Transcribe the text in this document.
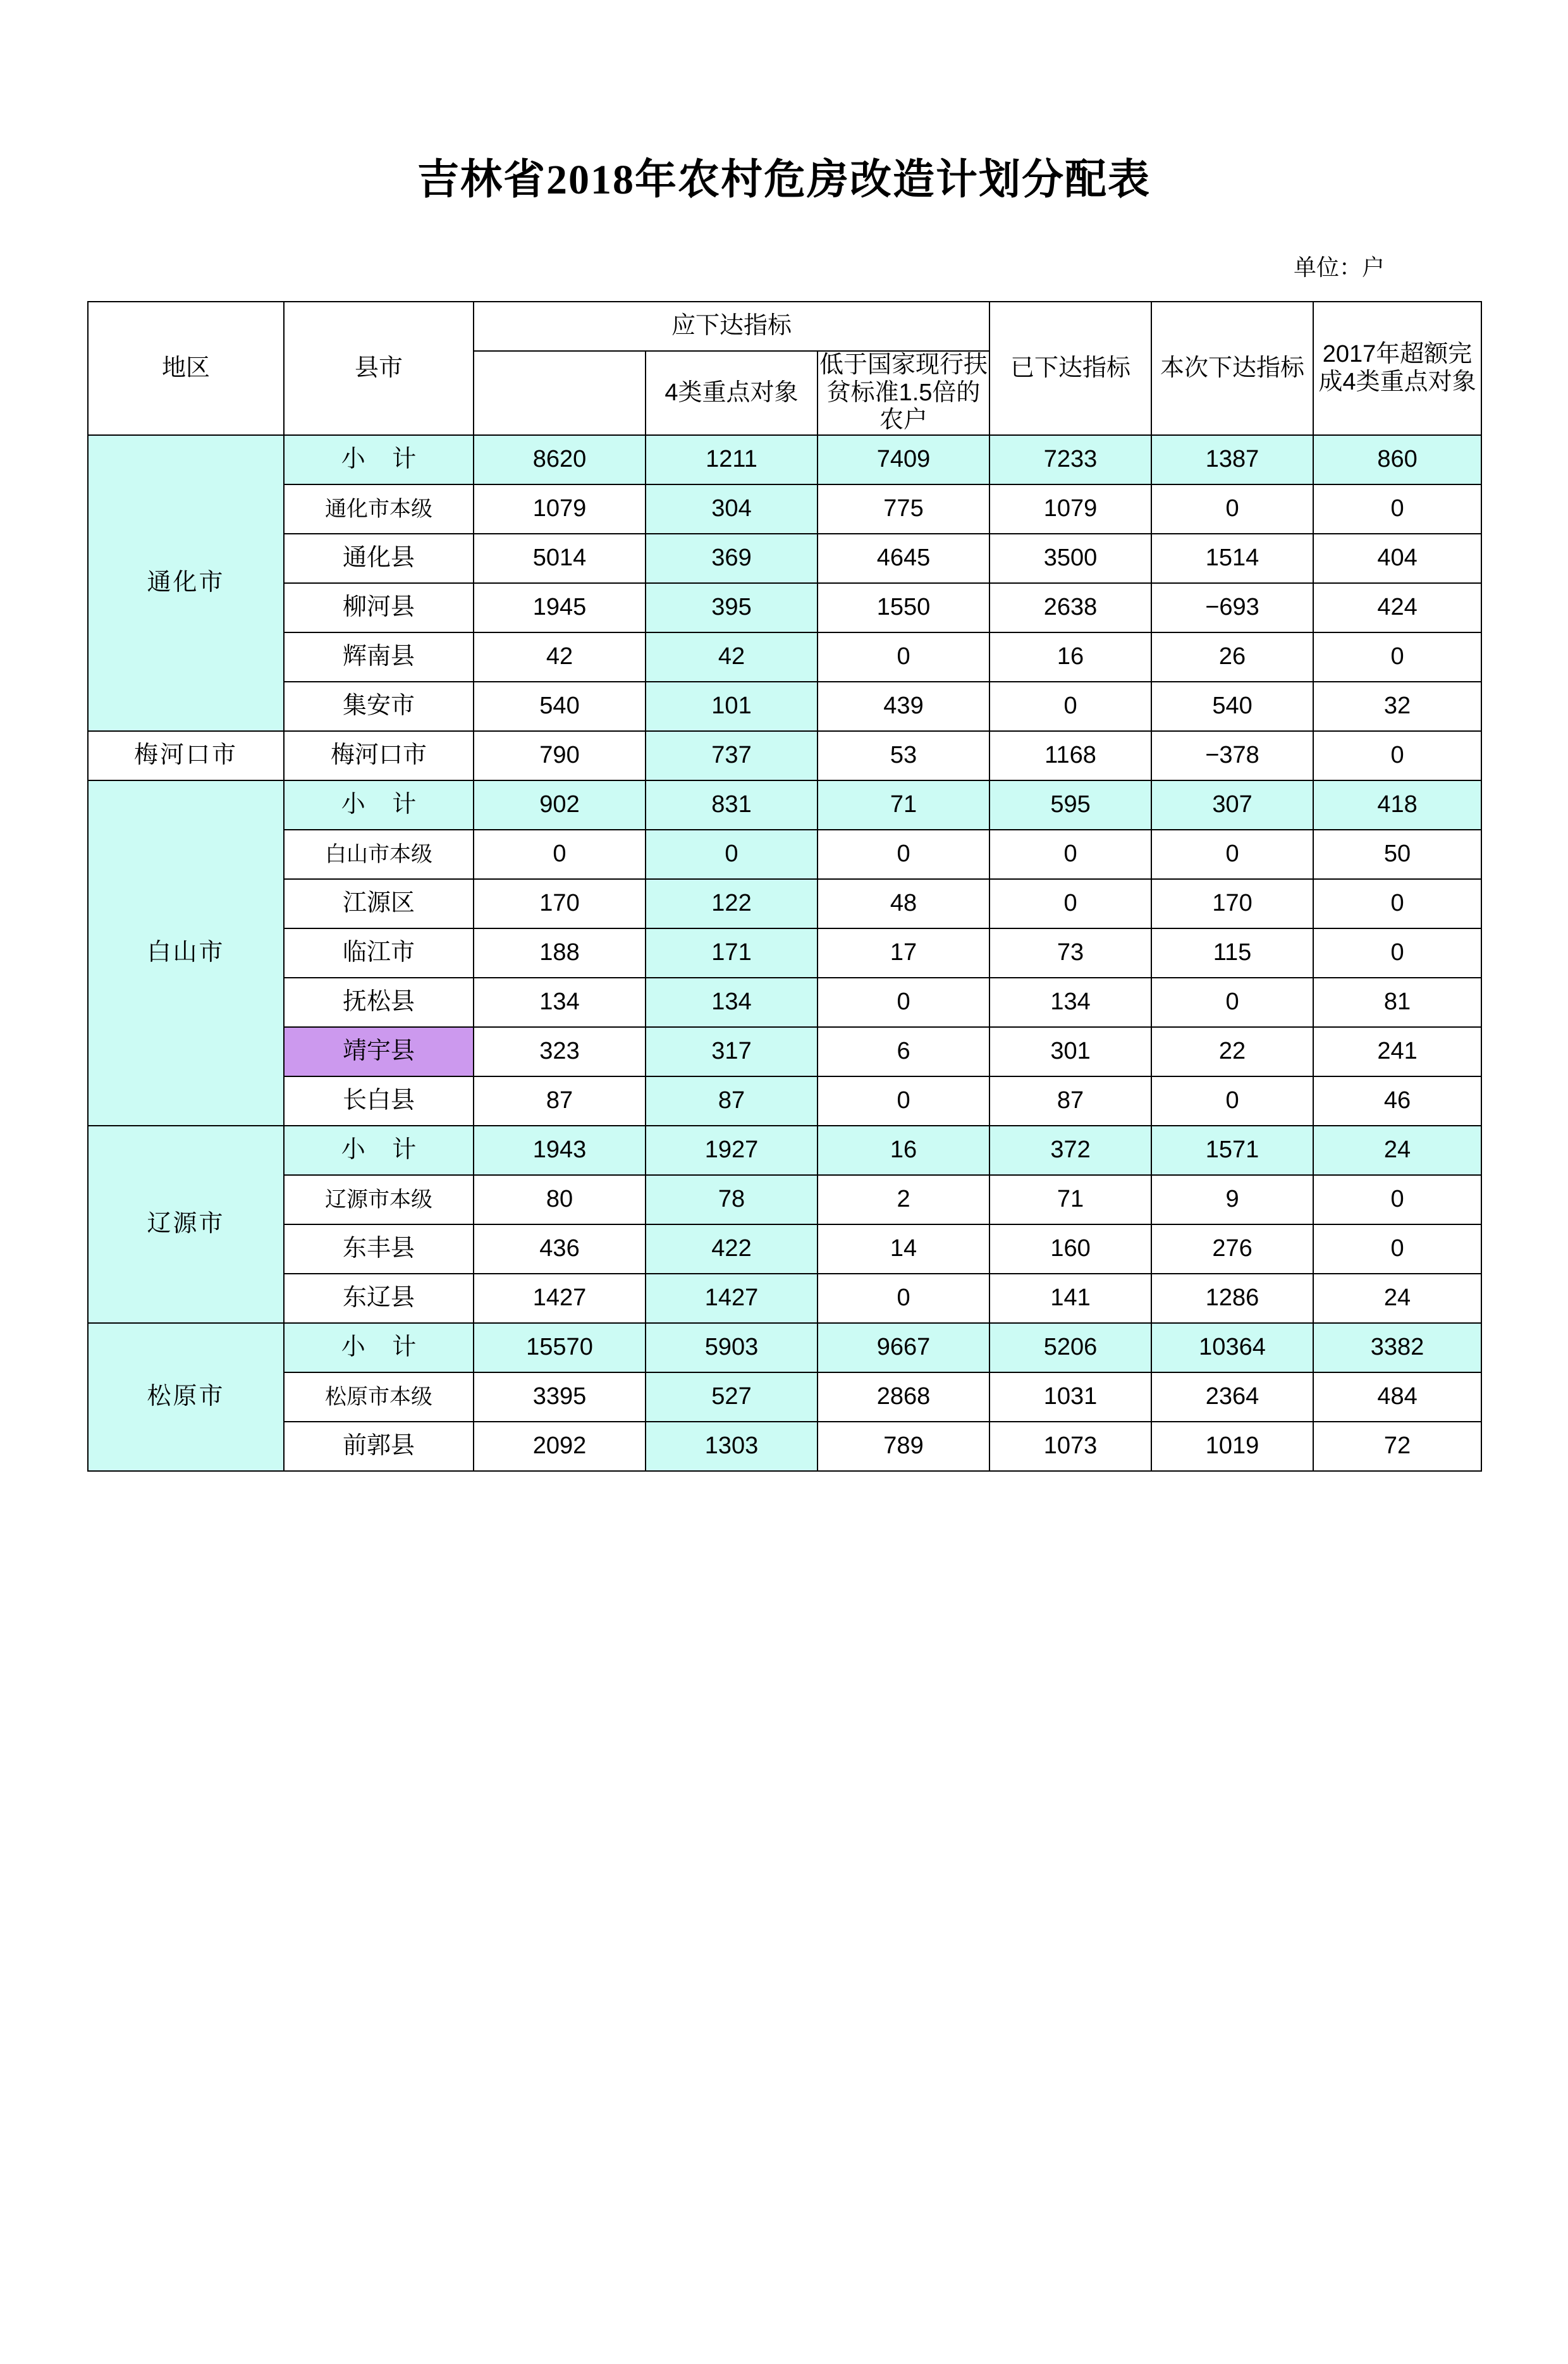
吉林省2018年农村危房改造计划分配表
单位：户
地区	县市	应下达指标			已下达指标	本次下达指标	2017年超额完成4类重点对象
			4类重点对象	低于国家现行扶贫标准1.5倍的农户			
通化市	小 计	8620	1211	7409	7233	1387	860
	通化市本级	1079	304	775	1079	0	0
	通化县	5014	369	4645	3500	1514	404
	柳河县	1945	395	1550	2638	−693	424
	辉南县	42	42	0	16	26	0
	集安市	540	101	439	0	540	32
梅河口市	梅河口市	790	737	53	1168	−378	0
白山市	小 计	902	831	71	595	307	418
	白山市本级	0	0	0	0	0	50
	江源区	170	122	48	0	170	0
	临江市	188	171	17	73	115	0
	抚松县	134	134	0	134	0	81
	靖宇县	323	317	6	301	22	241
	长白县	87	87	0	87	0	46
辽源市	小 计	1943	1927	16	372	1571	24
	辽源市本级	80	78	2	71	9	0
	东丰县	436	422	14	160	276	0
	东辽县	1427	1427	0	141	1286	24
松原市	小 计	15570	5903	9667	5206	10364	3382
	松原市本级	3395	527	2868	1031	2364	484
	前郭县	2092	1303	789	1073	1019	72
